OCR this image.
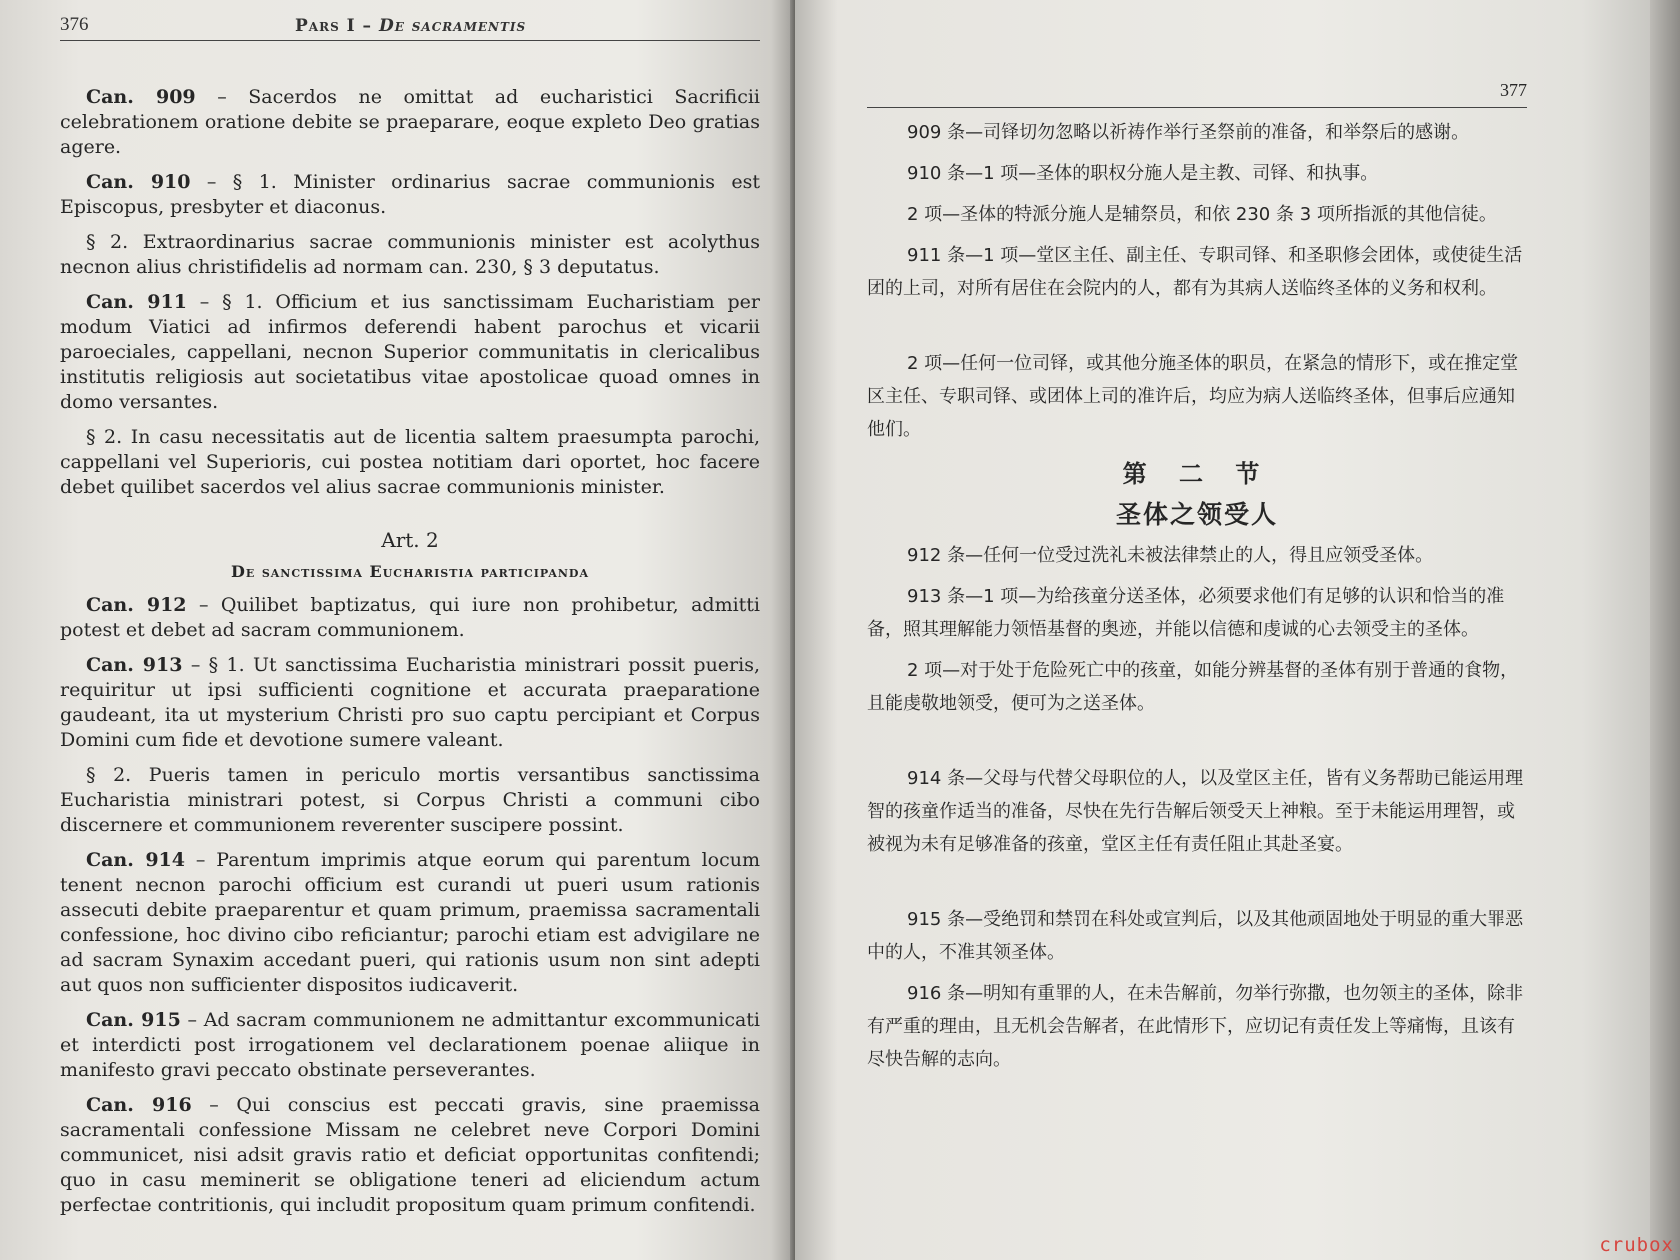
376	Pars I – De sacramentis

Can. 909 – Sacerdos ne omittat ad eucharistici Sacrificii celebrationem oratione debite se praeparare, eoque expleto Deo gratias agere.

Can. 910 – § 1. Minister ordinarius sacrae communionis est Episcopus, presbyter et diaconus.

§ 2. Extraordinarius sacrae communionis minister est acolythus necnon alius christifidelis ad normam can. 230, § 3 deputatus.

Can. 911 – § 1. Officium et ius sanctissimam Eucharistiam per modum Viatici ad infirmos deferendi habent parochus et vicarii paroeciales, cappellani, necnon Superior communitatis in clericalibus institutis religiosis aut societatibus vitae apostolicae quoad omnes in domo versantes.

§ 2. In casu necessitatis aut de licentia saltem praesumpta parochi, cappellani vel Superioris, cui postea notitiam dari oportet, hoc facere debet quilibet sacerdos vel alius sacrae communionis minister.

Art. 2
De sanctissima Eucharistia participanda

Can. 912 – Quilibet baptizatus, qui iure non prohibetur, admitti potest et debet ad sacram communionem.

Can. 913 – § 1. Ut sanctissima Eucharistia ministrari possit pueris, requiritur ut ipsi sufficienti cognitione et accurata praeparatione gaudeant, ita ut mysterium Christi pro suo captu percipiant et Corpus Domini cum fide et devotione sumere valeant.

§ 2. Pueris tamen in periculo mortis versantibus sanctissima Eucharistia ministrari potest, si Corpus Christi a communi cibo discernere et communionem reverenter suscipere possint.

Can. 914 – Parentum imprimis atque eorum qui parentum locum tenent necnon parochi officium est curandi ut pueri usum rationis assecuti debite praeparentur et quam primum, praemissa sacramentali confessione, hoc divino cibo reficiantur; parochi etiam est advigilare ne ad sacram Synaxim accedant pueri, qui rationis usum non sint adepti aut quos non sufficienter dispositos iudicaverit.

Can. 915 – Ad sacram communionem ne admittantur excommunicati et interdicti post irrogationem vel declarationem poenae aliique in manifesto gravi peccato obstinate perseverantes.

Can. 916 – Qui conscius est peccati gravis, sine praemissa sacramentali confessione Missam ne celebret neve Corpori Domini communicet, nisi adsit gravis ratio et deficiat opportunitas confitendi; quo in casu meminerit se obligatione teneri ad eliciendum actum perfectae contritionis, qui includit propositum quam primum confitendi.

377

909 条—司铎切勿忽略以祈祷作举行圣祭前的准备，和举祭后的感谢。

910 条—1 项—圣体的职权分施人是主教、司铎、和执事。

2 项—圣体的特派分施人是辅祭员，和依 230 条 3 项所指派的其他信徒。

911 条—1 项—堂区主任、副主任、专职司铎、和圣职修会团体，或使徒生活团的上司，对所有居住在会院内的人，都有为其病人送临终圣体的义务和权利。

2 项—任何一位司铎，或其他分施圣体的职员，在紧急的情形下，或在推定堂区主任、专职司铎、或团体上司的准许后，均应为病人送临终圣体，但事后应通知他们。

第 二 节
圣体之领受人

912 条—任何一位受过洗礼未被法律禁止的人，得且应领受圣体。

913 条—1 项—为给孩童分送圣体，必须要求他们有足够的认识和恰当的准备，照其理解能力领悟基督的奥迹，并能以信德和虔诚的心去领受主的圣体。

2 项—对于处于危险死亡中的孩童，如能分辨基督的圣体有别于普通的食物，且能虔敬地领受，便可为之送圣体。

914 条—父母与代替父母职位的人，以及堂区主任，皆有义务帮助已能运用理智的孩童作适当的准备，尽快在先行告解后领受天上神粮。至于未能运用理智，或被视为未有足够准备的孩童，堂区主任有责任阻止其赴圣宴。

915 条—受绝罚和禁罚在科处或宣判后，以及其他顽固地处于明显的重大罪恶中的人，不准其领圣体。

916 条—明知有重罪的人，在未告解前，勿举行弥撒，也勿领主的圣体，除非有严重的理由，且无机会告解者，在此情形下，应切记有责任发上等痛悔，且该有尽快告解的志向。

crubox
